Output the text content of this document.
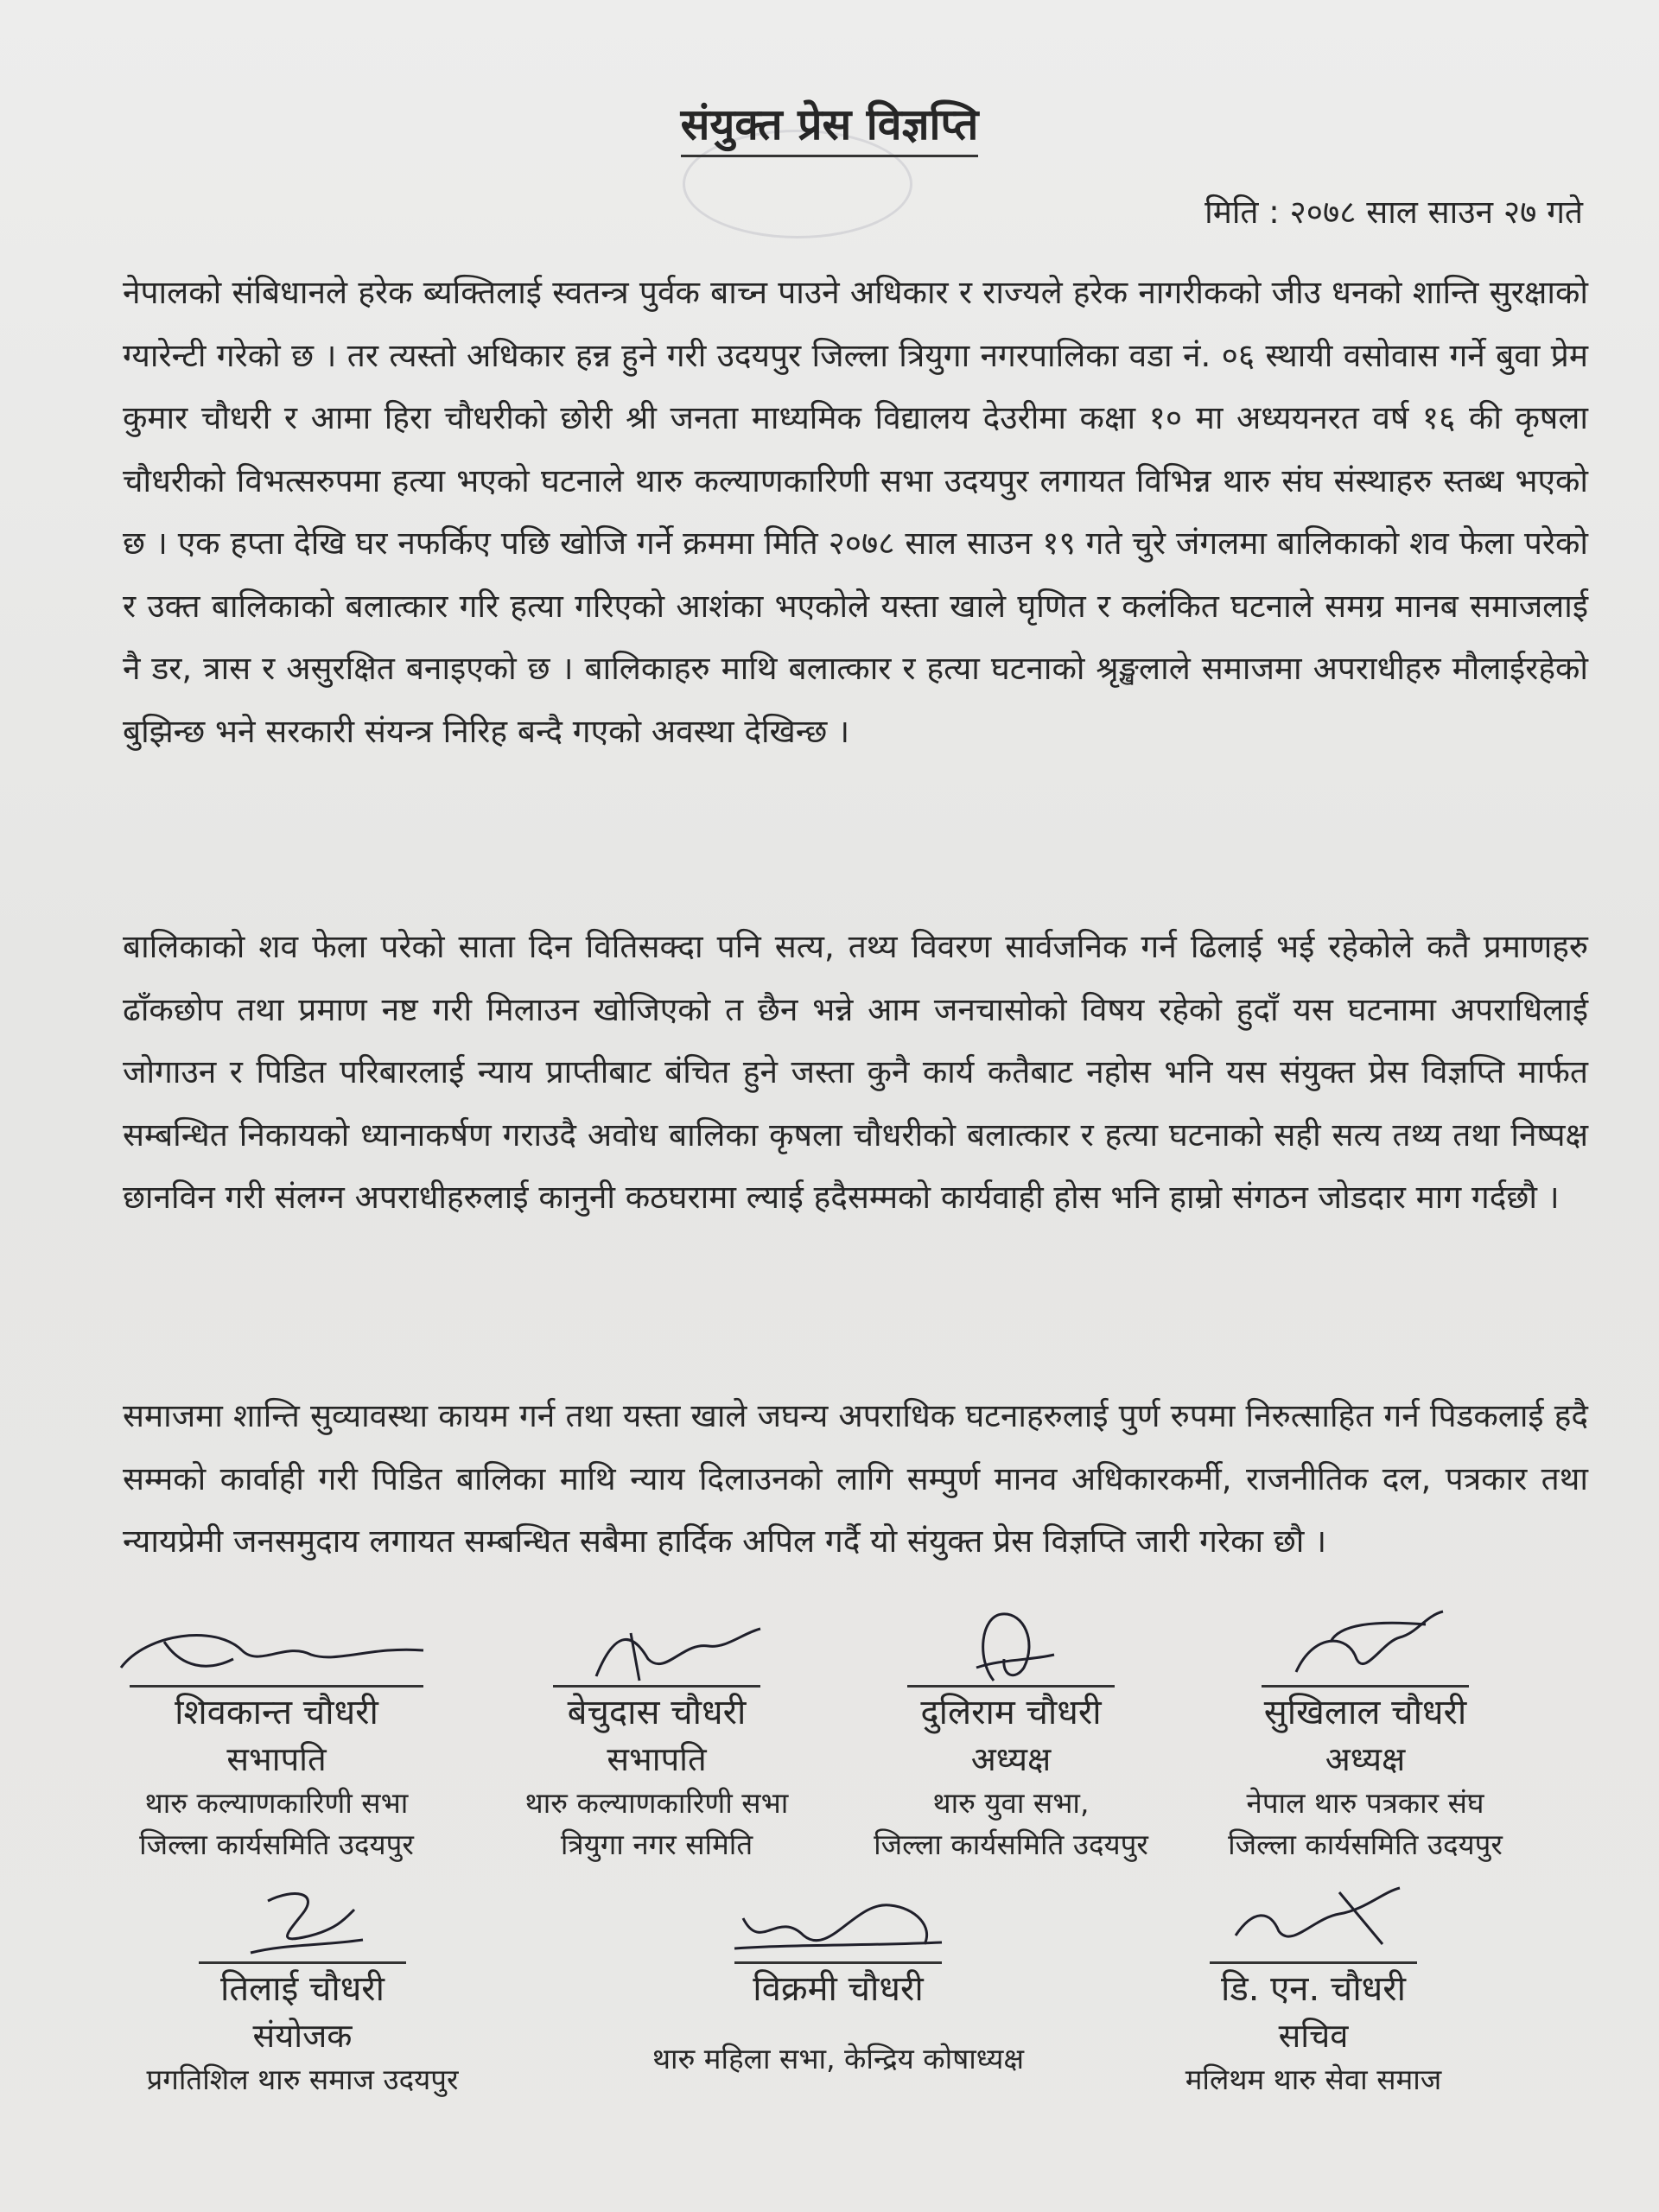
संयुक्त प्रेस विज्ञप्ति
मिति : २०७८ साल साउन २७ गते
नेपालको संबिधानले हरेक ब्यक्तिलाई स्वतन्त्र पुर्वक बाच्न पाउने अधिकार र राज्यले हरेक नागरीकको जीउ धनको शान्ति सुरक्षाको ग्यारेन्टी गरेको छ । तर त्यस्तो अधिकार हन्न हुने गरी उदयपुर जिल्ला त्रियुगा नगरपालिका वडा नं. ०६ स्थायी वसोवास गर्ने बुवा प्रेम कुमार चौधरी र आमा हिरा चौधरीको छोरी श्री जनता माध्यमिक विद्यालय देउरीमा कक्षा १० मा अध्ययनरत वर्ष १६ की कृषला चौधरीको विभत्सरुपमा हत्या भएको घटनाले थारु कल्याणकारिणी सभा उदयपुर लगायत विभिन्न थारु संघ संस्थाहरु स्तब्ध भएको छ । एक हप्ता देखि घर नफर्किए पछि खोजि गर्ने क्रममा मिति २०७८ साल साउन १९ गते चुरे जंगलमा बालिकाको शव फेला परेको र उक्त बालिकाको बलात्कार गरि हत्या गरिएको आशंका भएकोले यस्ता खाले घृणित र कलंकित घटनाले समग्र मानब समाजलाई नै डर, त्रास र असुरक्षित बनाइएको छ । बालिकाहरु माथि बलात्कार र हत्या घटनाको श्रृङ्खलाले समाजमा अपराधीहरु मौलाईरहेको बुझिन्छ भने सरकारी संयन्त्र निरिह बन्दै गएको अवस्था देखिन्छ ।
बालिकाको शव फेला परेको साता दिन वितिसक्दा पनि सत्य, तथ्य विवरण सार्वजनिक गर्न ढिलाई भई रहेकोले कतै प्रमाणहरु ढाँकछोप तथा प्रमाण नष्ट गरी मिलाउन खोजिएको त छैन भन्ने आम जनचासोको विषय रहेको हुदाँ यस घटनामा अपराधिलाई जोगाउन र पिडित परिबारलाई न्याय प्राप्तीबाट बंचित हुने जस्ता कुनै कार्य कतैबाट नहोस भनि यस संयुक्त प्रेस विज्ञप्ति मार्फत सम्बन्धित निकायको ध्यानाकर्षण गराउदै अवोध बालिका कृषला चौधरीको बलात्कार र हत्या घटनाको सही सत्य तथ्य तथा निष्पक्ष छानविन गरी संलग्न अपराधीहरुलाई कानुनी कठघरामा ल्याई हदैसम्मको कार्यवाही होस भनि हाम्रो संगठन जोडदार माग गर्दछौ ।
समाजमा शान्ति सुव्यावस्था कायम गर्न तथा यस्ता खाले जघन्य अपराधिक घटनाहरुलाई पुर्ण रुपमा निरुत्साहित गर्न पिडकलाई हदै सम्मको कार्वाही गरी पिडित बालिका माथि न्याय दिलाउनको लागि सम्पुर्ण मानव अधिकारकर्मी, राजनीतिक दल, पत्रकार तथा न्यायप्रेमी जनसमुदाय लगायत सम्बन्धित सबैमा हार्दिक अपिल गर्दै यो संयुक्त प्रेस विज्ञप्ति जारी गरेका छौ ।
शिवकान्त चौधरी
सभापति
थारु कल्याणकारिणी सभा
जिल्ला कार्यसमिति उदयपुर
बेचुदास चौधरी
सभापति
थारु कल्याणकारिणी सभा
त्रियुगा नगर समिति
दुलिराम चौधरी
अध्यक्ष
थारु युवा सभा,
जिल्ला कार्यसमिति उदयपुर
सुखिलाल चौधरी
अध्यक्ष
नेपाल थारु पत्रकार संघ
जिल्ला कार्यसमिति उदयपुर
तिलाई चौधरी
संयोजक
प्रगतिशिल थारु समाज उदयपुर
विक्रमी चौधरी
थारु महिला सभा, केन्द्रिय कोषाध्यक्ष
डि. एन. चौधरी
सचिव
मलिथम थारु सेवा समाज
